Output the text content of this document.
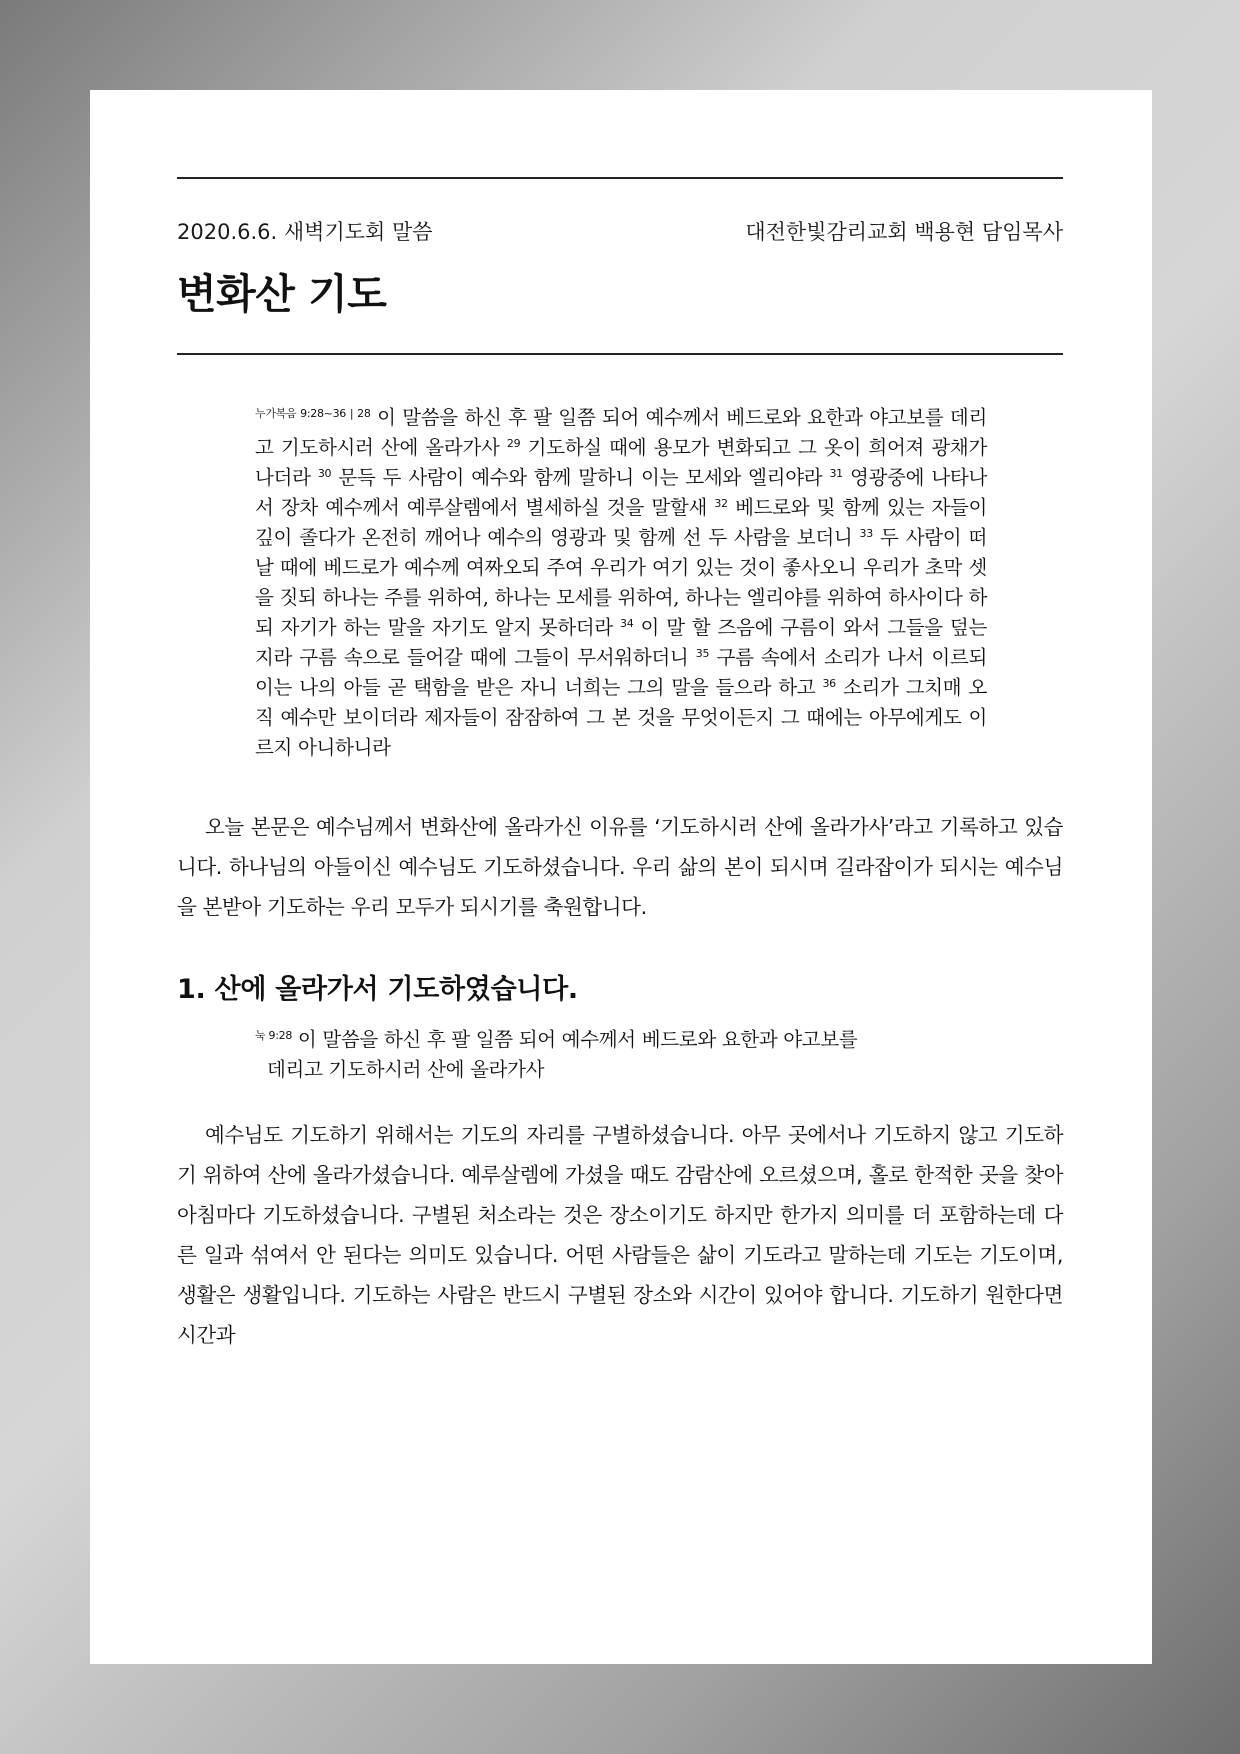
2020.6.6. 새벽기도회 말씀	대전한빛감리교회 백용현 담임목사
변화산 기도
$^{누가복음 9:28\sim 36 | 28}$ 이 말씀을 하신 후 팔 일쯤 되어 예수께서 베드로와 요한과 야고보를 데리고 기도하시러 산에 올라가사 $^{29}$ 기도하실 때에 용모가 변화되고 그 옷이 희어져 광채가 나더라 $^{30}$ 문득 두 사람이 예수와 함께 말하니 이는 모세와 엘리야라 $^{31}$ 영광중에 나타나서 장차 예수께서 예루살렘에서 별세하실 것을 말할새 $^{32}$ 베드로와 및 함께 있는 자들이 깊이 졸다가 온전히 깨어나 예수의 영광과 및 함께 선 두 사람을 보더니 $^{33}$ 두 사람이 떠날 때에 베드로가 예수께 여짜오되 주여 우리가 여기 있는 것이 좋사오니 우리가 초막 셋을 짓되 하나는 주를 위하여, 하나는 모세를 위하여, 하나는 엘리야를 위하여 하사이다 하되 자기가 하는 말을 자기도 알지 못하더라 $^{34}$ 이 말 할 즈음에 구름이 와서 그들을 덮는지라 구름 속으로 들어갈 때에 그들이 무서워하더니 $^{35}$ 구름 속에서 소리가 나서 이르되 이는 나의 아들 곧 택함을 받은 자니 너희는 그의 말을 들으라 하고 $^{36}$ 소리가 그치매 오직 예수만 보이더라 제자들이 잠잠하여 그 본 것을 무엇이든지 그 때에는 아무에게도 이르지 아니하니라

오늘 본문은 예수님께서 변화산에 올라가신 이유를 ‘기도하시러 산에 올라가사’라고 기록하고 있습니다. 하나님의 아들이신 예수님도 기도하셨습니다. 우리 삶의 본이 되시며 길라잡이가 되시는 예수님을 본받아 기도하는 우리 모두가 되시기를 축원합니다.

1. 산에 올라가서 기도하였습니다.
$^{눅 9:28}$ 이 말씀을 하신 후 팔 일쯤 되어 예수께서 베드로와 요한과 야고보를
데리고 기도하시러 산에 올라가사

예수님도 기도하기 위해서는 기도의 자리를 구별하셨습니다. 아무 곳에서나 기도하지 않고 기도하기 위하여 산에 올라가셨습니다. 예루살렘에 가셨을 때도 감람산에 오르셨으며, 홀로 한적한 곳을 찾아 아침마다 기도하셨습니다. 구별된 처소라는 것은 장소이기도 하지만 한가지 의미를 더 포함하는데 다른 일과 섞여서 안 된다는 의미도 있습니다. 어떤 사람들은 삶이 기도라고 말하는데 기도는 기도이며, 생활은 생활입니다. 기도하는 사람은 반드시 구별된 장소와 시간이 있어야 합니다. 기도하기 원한다면 시간과
